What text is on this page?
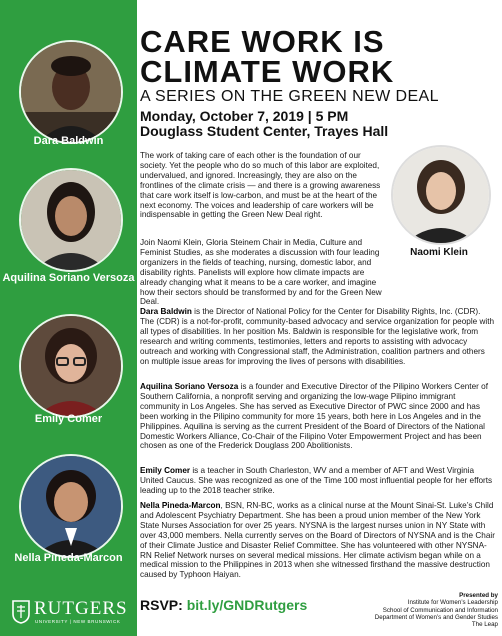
Dara Baldwin
Aquilina Soriano Versoza
Emily Comer
Nella Pineda-Marcon
RUTGERS
UNIVERSITY | NEW BRUNSWICK
CARE WORK IS
CLIMATE WORK
A SERIES ON THE GREEN NEW DEAL
Monday, October 7, 2019 | 5 PM
Douglass Student Center, Trayes Hall
The work of taking care of each other is the foundation of our society. Yet the people who do so much of this labor are exploited, undervalued, and ignored. Increasingly, they are also on the frontlines of the climate crisis — and there is a growing awareness that care work itself is low-carbon, and must be at the heart of the next economy. The voices and leadership of care workers will be indispensable in getting the Green New Deal right.
Naomi Klein
Join Naomi Klein, Gloria Steinem Chair in Media, Culture and Feminist Studies, as she moderates a discussion with four leading organizers in the fields of teaching, nursing, domestic labor, and disability rights. Panelists will explore how climate impacts are already changing what it means to be a care worker, and imagine how their sectors should be transformed by and for the Green New Deal.
Dara Baldwin is the Director of National Policy for the Center for Disability Rights, Inc. (CDR). The (CDR) is a not-for-profit, community-based advocacy and service organization for people with all types of disabilities. In her position Ms. Baldwin is responsible for the legislative work, from research and writing comments, testimonies, letters and reports to assisting with advocacy outreach and working with Congressional staff, the Administration, coalition partners and others on multiple issue areas for improving the lives of persons with disabilities.
Aquilina Soriano Versoza is a founder and Executive Director of the Pilipino Workers Center of Southern California, a nonprofit serving and organizing the low-wage Pilipino immigrant community in Los Angeles. She has served as Executive Director of PWC since 2000 and has been working in the Pilipino community for more 15 years, both here in Los Angeles and in the Philippines. Aquilina is serving as the current President of the Board of Directors of the National Domestic Workers Alliance, Co-Chair of the Filipino Voter Empowerment Project and has been chosen as one of the Frederick Douglass 200 Abolitionists.
Emily Comer is a teacher in South Charleston, WV and a member of AFT and West Virginia United Caucus. She was recognized as one of the Time 100 most influential people for her efforts leading up to the 2018 teacher strike.
Nella Pineda-Marcon, BSN, RN-BC, works as a clinical nurse at the Mount Sinai-St. Luke’s Child and Adolescent Psychiatry Department. She has been a proud union member of the New York State Nurses Association for over 25 years. NYSNA is the largest nurses union in NY State with over 43,000 members. Nella currently serves on the Board of Directors of NYSNA and is the Chair of their Climate Justice and Disaster Relief Committee. She has volunteered with other NYSNA-RN Relief Network nurses on several medical missions. Her climate activism began while on a medical mission to the Philippines in 2013 when she witnessed firsthand the massive destruction caused by Typhoon Haiyan.
RSVP: bit.ly/GNDRutgers
Presented by
Institute for Women’s Leadership
School of Communication and Information
Department of Women’s and Gender Studies
The Leap
